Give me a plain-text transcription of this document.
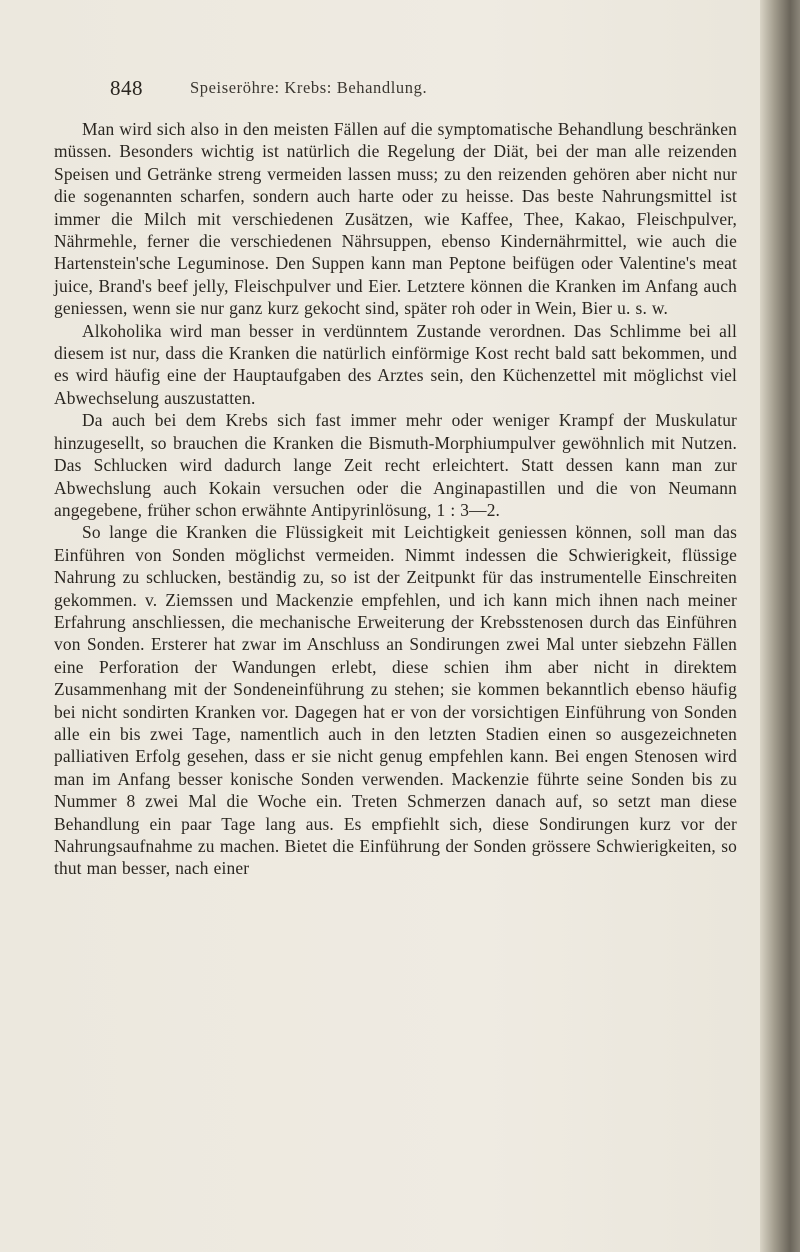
848	Speiseröhre: Krebs: Behandlung.

Man wird sich also in den meisten Fällen auf die symptomatische Behandlung beschränken müssen. Besonders wichtig ist natürlich die Regelung der Diät, bei der man alle reizenden Speisen und Getränke streng vermeiden lassen muss; zu den reizenden gehören aber nicht nur die sogenannten scharfen, sondern auch harte oder zu heisse. Das beste Nahrungsmittel ist immer die Milch mit verschiedenen Zusätzen, wie Kaffee, Thee, Kakao, Fleischpulver, Nährmehle, ferner die verschiedenen Nährsuppen, ebenso Kindernährmittel, wie auch die Hartenstein'sche Leguminose. Den Suppen kann man Peptone beifügen oder Valentine's meat juice, Brand's beef jelly, Fleischpulver und Eier. Letztere können die Kranken im Anfang auch geniessen, wenn sie nur ganz kurz gekocht sind, später roh oder in Wein, Bier u. s. w.

Alkoholika wird man besser in verdünntem Zustande verordnen. Das Schlimme bei all diesem ist nur, dass die Kranken die natürlich einförmige Kost recht bald satt bekommen, und es wird häufig eine der Hauptaufgaben des Arztes sein, den Küchenzettel mit möglichst viel Abwechselung auszustatten.

Da auch bei dem Krebs sich fast immer mehr oder weniger Krampf der Muskulatur hinzugesellt, so brauchen die Kranken die Bismuth-Morphiumpulver gewöhnlich mit Nutzen. Das Schlucken wird dadurch lange Zeit recht erleichtert. Statt dessen kann man zur Abwechslung auch Kokain versuchen oder die Anginapastillen und die von Neumann angegebene, früher schon erwähnte Antipyrinlösung, 1 : 3—2.

So lange die Kranken die Flüssigkeit mit Leichtigkeit geniessen können, soll man das Einführen von Sonden möglichst vermeiden. Nimmt indessen die Schwierigkeit, flüssige Nahrung zu schlucken, beständig zu, so ist der Zeitpunkt für das instrumentelle Einschreiten gekommen. v. Ziemssen und Mackenzie empfehlen, und ich kann mich ihnen nach meiner Erfahrung anschliessen, die mechanische Erweiterung der Krebsstenosen durch das Einführen von Sonden. Ersterer hat zwar im Anschluss an Sondirungen zwei Mal unter siebzehn Fällen eine Perforation der Wandungen erlebt, diese schien ihm aber nicht in direktem Zusammenhang mit der Sondeneinführung zu stehen; sie kommen bekanntlich ebenso häufig bei nicht sondirten Kranken vor. Dagegen hat er von der vorsichtigen Einführung von Sonden alle ein bis zwei Tage, namentlich auch in den letzten Stadien einen so ausgezeichneten palliativen Erfolg gesehen, dass er sie nicht genug empfehlen kann. Bei engen Stenosen wird man im Anfang besser konische Sonden verwenden. Mackenzie führte seine Sonden bis zu Nummer 8 zwei Mal die Woche ein. Treten Schmerzen danach auf, so setzt man diese Behandlung ein paar Tage lang aus. Es empfiehlt sich, diese Sondirungen kurz vor der Nahrungsaufnahme zu machen. Bietet die Einführung der Sonden grössere Schwierigkeiten, so thut man besser, nach einer
